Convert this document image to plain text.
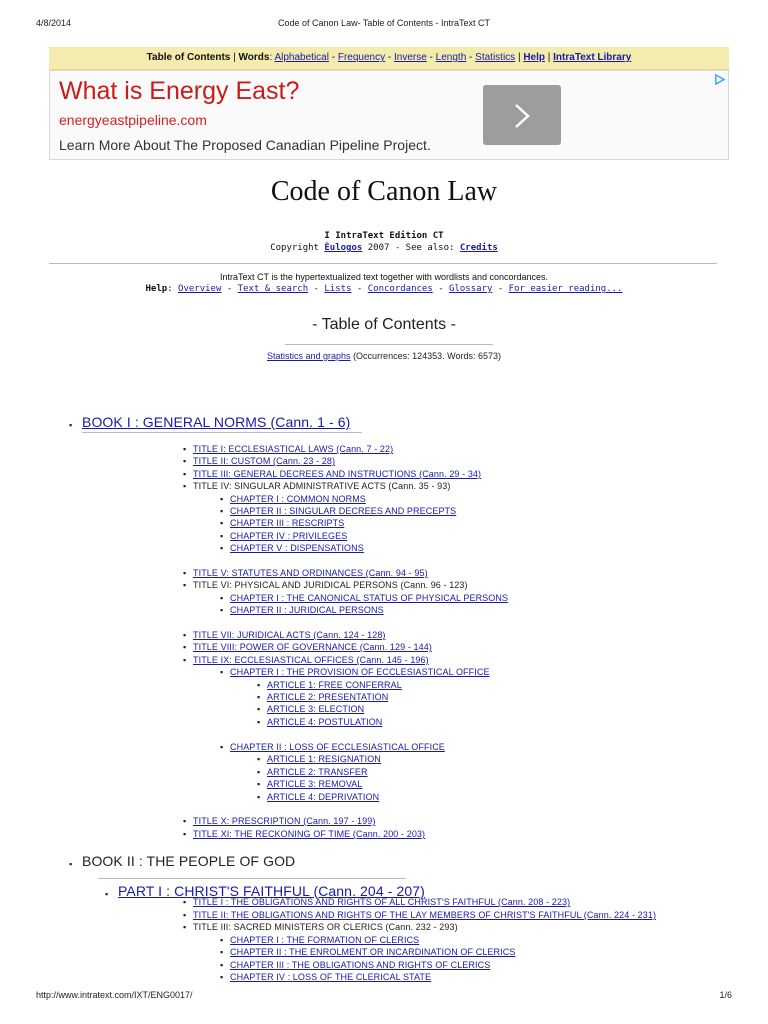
4/8/2014	Code of Canon Law- Table of Contents - IntraText CT
Table of Contents | Words: Alphabetical - Frequency - Inverse - Length - Statistics | Help | IntraText Library
What is Energy East?
energyeastpipeline.com
Learn More About The Proposed Canadian Pipeline Project.
Code of Canon Law
I IntraText Edition CT
Copyright Èulogos 2007 - See also: Credits
IntraText CT is the hypertextualized text together with wordlists and concordances.
Help: Overview - Text & search - Lists - Concordances - Glossary - For easier reading...
- Table of Contents -
Statistics and graphs (Occurrences: 124353. Words: 6573)
▪ BOOK I : GENERAL NORMS (Cann. 1 - 6)
▪ TITLE I: ECCLESIASTICAL LAWS (Cann. 7 - 22)
▪ TITLE II: CUSTOM (Cann. 23 - 28)
▪ TITLE III: GENERAL DECREES AND INSTRUCTIONS (Cann. 29 - 34)
▪ TITLE IV: SINGULAR ADMINISTRATIVE ACTS (Cann. 35 - 93)
▪ CHAPTER I : COMMON NORMS
▪ CHAPTER II : SINGULAR DECREES AND PRECEPTS
▪ CHAPTER III : RESCRIPTS
▪ CHAPTER IV : PRIVILEGES
▪ CHAPTER V : DISPENSATIONS
▪ TITLE V: STATUTES AND ORDINANCES (Cann. 94 - 95)
▪ TITLE VI: PHYSICAL AND JURIDICAL PERSONS (Cann. 96 - 123)
▪ CHAPTER I : THE CANONICAL STATUS OF PHYSICAL PERSONS
▪ CHAPTER II : JURIDICAL PERSONS
▪ TITLE VII: JURIDICAL ACTS (Cann. 124 - 128)
▪ TITLE VIII: POWER OF GOVERNANCE (Cann. 129 - 144)
▪ TITLE IX: ECCLESIASTICAL OFFICES (Cann. 145 - 196)
▪ CHAPTER I : THE PROVISION OF ECCLESIASTICAL OFFICE
▪ ARTICLE 1: FREE CONFERRAL
▪ ARTICLE 2: PRESENTATION
▪ ARTICLE 3: ELECTION
▪ ARTICLE 4: POSTULATION
▪ CHAPTER II : LOSS OF ECCLESIASTICAL OFFICE
▪ ARTICLE 1: RESIGNATION
▪ ARTICLE 2: TRANSFER
▪ ARTICLE 3: REMOVAL
▪ ARTICLE 4: DEPRIVATION
▪ TITLE X: PRESCRIPTION (Cann. 197 - 199)
▪ TITLE XI: THE RECKONING OF TIME (Cann. 200 - 203)
▪ BOOK II : THE PEOPLE OF GOD
▪ PART I : CHRIST'S FAITHFUL (Cann. 204 - 207)
▪ TITLE I : THE OBLIGATIONS AND RIGHTS OF ALL CHRIST'S FAITHFUL (Cann. 208 - 223)
▪ TITLE II: THE OBLIGATIONS AND RIGHTS OF THE LAY MEMBERS OF CHRIST'S FAITHFUL (Cann. 224 - 231)
▪ TITLE III: SACRED MINISTERS OR CLERICS (Cann. 232 - 293)
▪ CHAPTER I : THE FORMATION OF CLERICS
▪ CHAPTER II : THE ENROLMENT OR INCARDINATION OF CLERICS
▪ CHAPTER III : THE OBLIGATIONS AND RIGHTS OF CLERICS
▪ CHAPTER IV : LOSS OF THE CLERICAL STATE
http://www.intratext.com/IXT/ENG0017/	1/6
